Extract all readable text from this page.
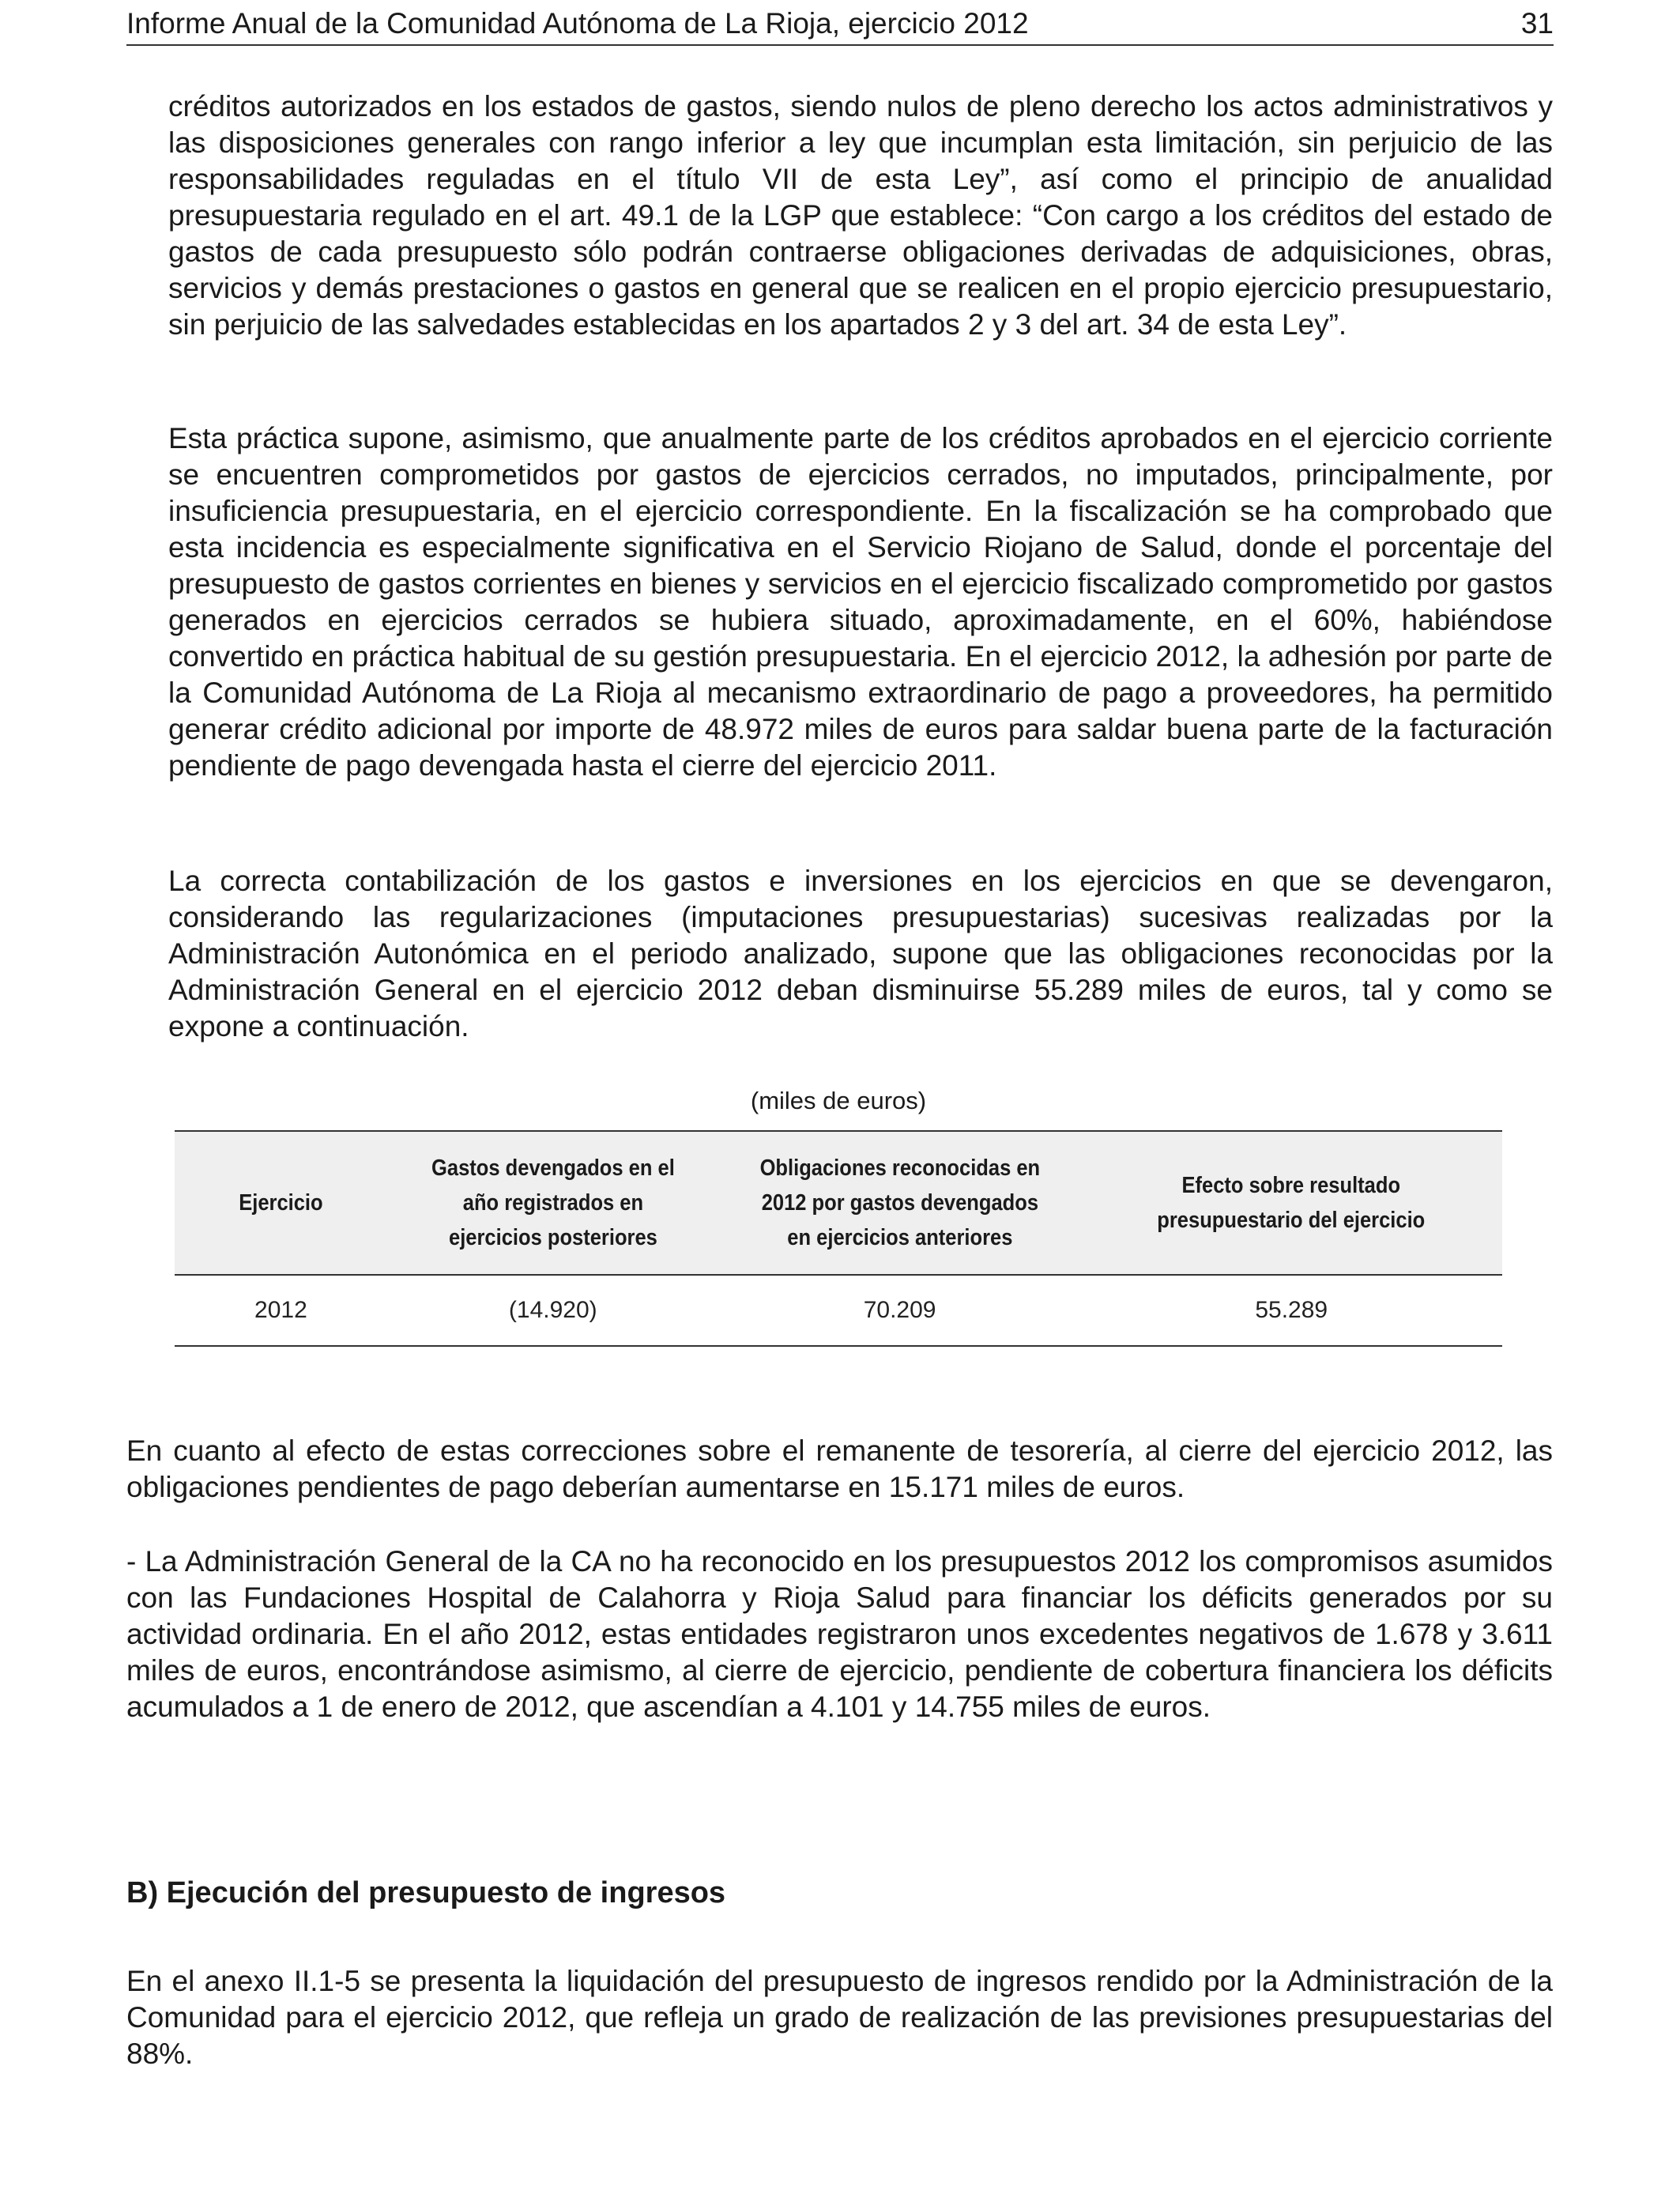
Informe Anual de la Comunidad Autónoma de La Rioja, ejercicio 2012	31

créditos autorizados en los estados de gastos, siendo nulos de pleno derecho los actos administrativos y las disposiciones generales con rango inferior a ley que incumplan esta limitación, sin perjuicio de las responsabilidades reguladas en el título VII de esta Ley”, así como el principio de anualidad presupuestaria regulado en el art. 49.1 de la LGP que establece: “Con cargo a los créditos del estado de gastos de cada presupuesto sólo podrán contraerse obligaciones derivadas de adquisiciones, obras, servicios y demás prestaciones o gastos en general que se realicen en el propio ejercicio presupuestario, sin perjuicio de las salvedades establecidas en los apartados 2 y 3 del art. 34 de esta Ley”.

Esta práctica supone, asimismo, que anualmente parte de los créditos aprobados en el ejercicio corriente se encuentren comprometidos por gastos de ejercicios cerrados, no imputados, principalmente, por insuficiencia presupuestaria, en el ejercicio correspondiente. En la fiscalización se ha comprobado que esta incidencia es especialmente significativa en el Servicio Riojano de Salud, donde el porcentaje del presupuesto de gastos corrientes en bienes y servicios en el ejercicio fiscalizado comprometido por gastos generados en ejercicios cerrados se hubiera situado, aproximadamente, en el 60%, habiéndose convertido en práctica habitual de su gestión presupuestaria. En el ejercicio 2012, la adhesión por parte de la Comunidad Autónoma de La Rioja al mecanismo extraordinario de pago a proveedores, ha permitido generar crédito adicional por importe de 48.972 miles de euros para saldar buena parte de la facturación pendiente de pago devengada hasta el cierre del ejercicio 2011.

La correcta contabilización de los gastos e inversiones en los ejercicios en que se devengaron, considerando las regularizaciones (imputaciones presupuestarias) sucesivas realizadas por la Administración Autonómica en el periodo analizado, supone que las obligaciones reconocidas por la Administración General en el ejercicio 2012 deban disminuirse 55.289 miles de euros, tal y como se expone a continuación.

(miles de euros)
Ejercicio	Gastos devengados en el año registrados en ejercicios posteriores	Obligaciones reconocidas en 2012 por gastos devengados en ejercicios anteriores	Efecto sobre resultado presupuestario del ejercicio
2012	(14.920)	70.209	55.289

En cuanto al efecto de estas correcciones sobre el remanente de tesorería, al cierre del ejercicio 2012, las obligaciones pendientes de pago deberían aumentarse en 15.171 miles de euros.

- La Administración General de la CA no ha reconocido en los presupuestos 2012 los compromisos asumidos con las Fundaciones Hospital de Calahorra y Rioja Salud para financiar los déficits generados por su actividad ordinaria. En el año 2012, estas entidades registraron unos excedentes negativos de 1.678 y 3.611 miles de euros, encontrándose asimismo, al cierre de ejercicio, pendiente de cobertura financiera los déficits acumulados a 1 de enero de 2012, que ascendían a 4.101 y 14.755 miles de euros.

B) Ejecución del presupuesto de ingresos

En el anexo II.1-5 se presenta la liquidación del presupuesto de ingresos rendido por la Administración de la Comunidad para el ejercicio 2012, que refleja un grado de realización de las previsiones presupuestarias del 88%.
